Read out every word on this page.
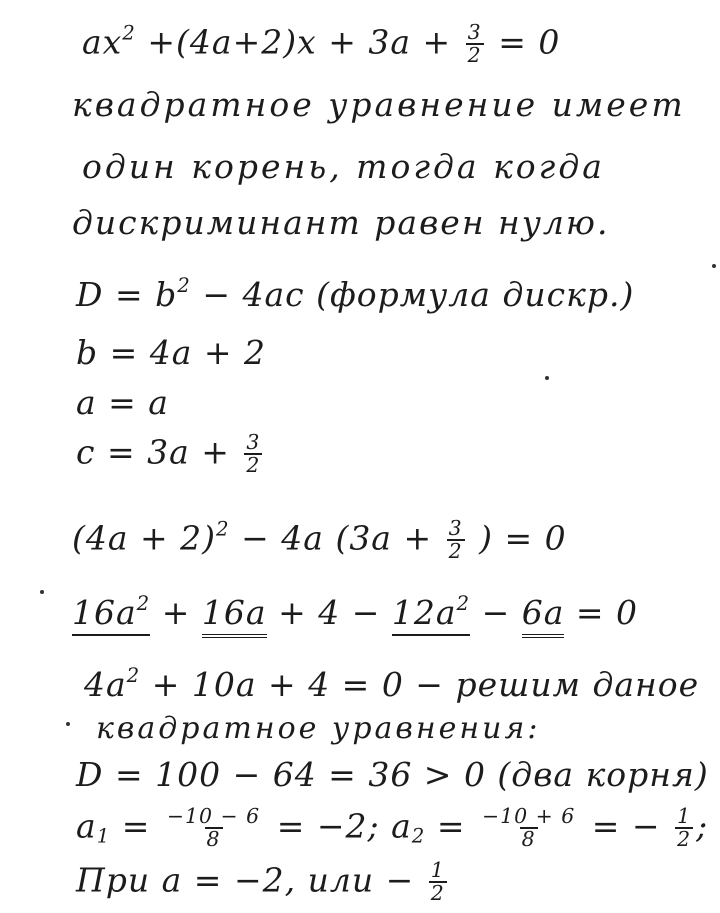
$ax^2 +(4a+2)x + 3a + \frac{3}{2} = 0$
квадратное уравнение имеет
один корень, тогда когда
дискриминант равен нулю.
$D = b^2 - 4ac$ (формула дискр.)
b = 4a + 2
a = a
$c = 3a + \frac{3}{2}$
$(4a + 2)^2 - 4a$ ($3a + \frac{3}{2}$ ) = 0
$16a^2 + 16a + 4 - 12a^2 - 6a = 0$
$4a^2 + 10a + 4 = 0$ − решим даное
квадратное уравнения:
D = 100 − 64 = 36 > 0 (два корня)
$a_1 = \frac{-10 - 6}{8} = -2$; $a_2 = \frac{-10 + 6}{8}$ = − $\frac{1}{2}$ ;
При a = −2, или − $\frac{1}{2}$
